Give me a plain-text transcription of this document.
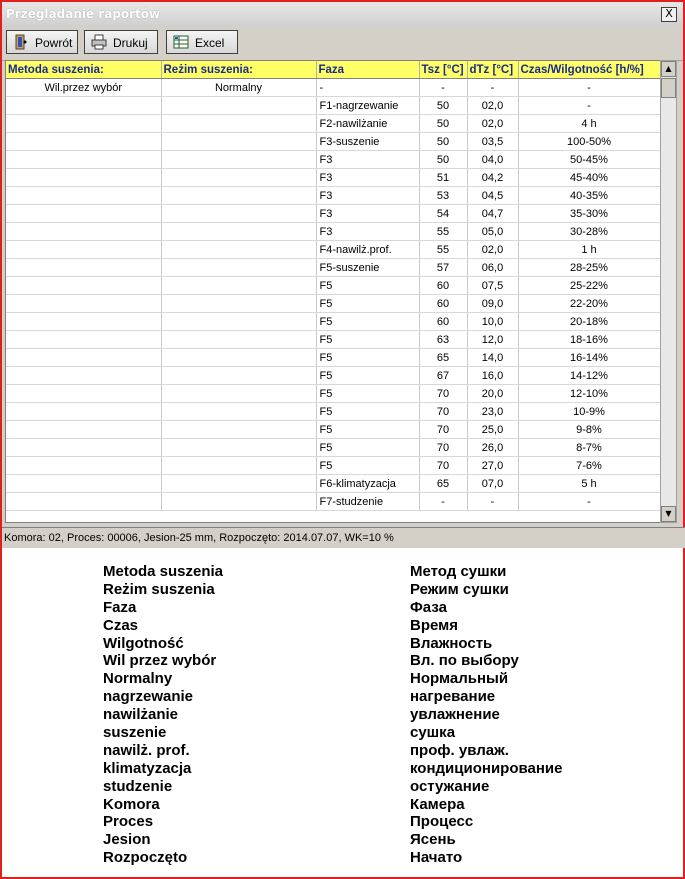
Przeglądanie raportów	X
Powrót	Drukuj	Excel
Metoda suszenia:	Reżim suszenia:	Faza	Tsz [°C]	dTz [°C]	Czas/Wilgotność [h/%]
Wil.przez wybór	Normalny	-	-	-	-
		F1-nagrzewanie	50	02,0	-
		F2-nawilżanie	50	02,0	4 h
		F3-suszenie	50	03,5	100-50%
		F3	50	04,0	50-45%
		F3	51	04,2	45-40%
		F3	53	04,5	40-35%
		F3	54	04,7	35-30%
		F3	55	05,0	30-28%
		F4-nawilż.prof.	55	02,0	1 h
		F5-suszenie	57	06,0	28-25%
		F5	60	07,5	25-22%
		F5	60	09,0	22-20%
		F5	60	10,0	20-18%
		F5	63	12,0	18-16%
		F5	65	14,0	16-14%
		F5	67	16,0	14-12%
		F5	70	20,0	12-10%
		F5	70	23,0	10-9%
		F5	70	25,0	9-8%
		F5	70	26,0	8-7%
		F5	70	27,0	7-6%
		F6-klimatyzacja	65	07,0	5 h
		F7-studzenie	-	-	-
▲
▼
Komora: 02, Proces: 00006, Jesion-25 mm, Rozpoczęto: 2014.07.07, WK=10 %
Metoda suszenia
Reżim suszenia
Faza
Czas
Wilgotność
Wil przez wybór
Normalny
nagrzewanie
nawilżanie
suszenie
nawilż. prof.
klimatyzacja
studzenie
Komora
Proces
Jesion
Rozpoczęto
Метод сушки
Режим сушки
Фаза
Время
Влажность
Вл. по выбору
Нормальный
нагревание
увлажнение
сушка
проф. увлаж.
кондиционирование
остужание
Камера
Процесс
Ясень
Начато
